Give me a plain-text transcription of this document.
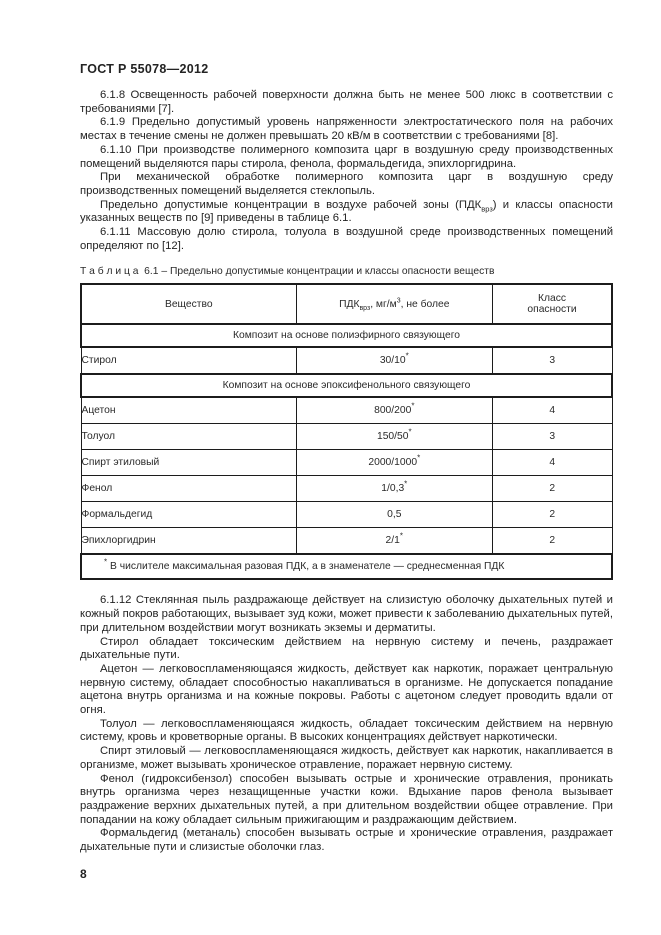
ГОСТ Р 55078—2012

6.1.8 Освещенность рабочей поверхности должна быть не менее 500 люкс в соответствии с требованиями [7].

6.1.9 Предельно допустимый уровень напряженности электростатического поля на рабочих местах в течение смены не должен превышать 20 кВ/м в соответствии с требованиями [8].

6.1.10 При производстве полимерного композита царг в воздушную среду производственных помещений выделяются пары стирола, фенола, формальдегида, эпихлоргидрина.

При механической обработке полимерного композита царг в воздушную среду производственных помещений выделяется стеклопыль.

Предельно допустимые концентрации в воздухе рабочей зоны $(ПДК_{врз})$ и классы опасности указанных веществ по [9] приведены в таблице 6.1.

6.1.11 Массовую долю стирола, толуола в воздушной среде производственных помещений определяют по [12].

Т а б л и ц а  6.1 – Предельно допустимые концентрации и классы опасности веществ
Вещество	$ПДК_{врз}$, $мг/м^3$, не более	Класс
опасности

Композит на основе полиэфирного связующего		
Стирол	30/10*	3
Композит на основе эпоксифенольного связующего		
Ацетон	800/200*	4
Толуол	150/50*	3
Спирт этиловый	2000/1000*	4
Фенол	1/0,3*	2
Формальдегид	0,5	2
Эпихлоргидрин	2/1*	2
* В числителе максимальная разовая ПДК, а в знаменателе — среднесменная ПДК		

6.1.12 Стеклянная пыль раздражающе действует на слизистую оболочку дыхательных путей и кожный покров работающих, вызывает зуд кожи, может привести к заболеванию дыхательных путей, при длительном воздействии могут возникать экземы и дерматиты.

Стирол обладает токсическим действием на нервную систему и печень, раздражает дыхательные пути.

Ацетон — легковоспламеняющаяся жидкость, действует как наркотик, поражает центральную нервную систему, обладает способностью накапливаться в организме. Не допускается попадание ацетона внутрь организма и на кожные покровы. Работы с ацетоном следует проводить вдали от огня.

Толуол — легковоспламеняющаяся жидкость, обладает токсическим действием на нервную систему, кровь и кроветворные органы. В высоких концентрациях действует наркотически.

Спирт этиловый — легковоспламеняющаяся жидкость, действует как наркотик, накапливается в организме, может вызывать хроническое отравление, поражает нервную систему.

Фенол (гидроксибензол) способен вызывать острые и хронические отравления, проникать внутрь организма через незащищенные участки кожи. Вдыхание паров фенола вызывает раздражение верхних дыхательных путей, а при длительном воздействии общее отравление. При попадании на кожу обладает сильным прижигающим и раздражающим действием.

Формальдегид (метаналь) способен вызывать острые и хронические отравления, раздражает дыхательные пути и слизистые оболочки глаз.

8
